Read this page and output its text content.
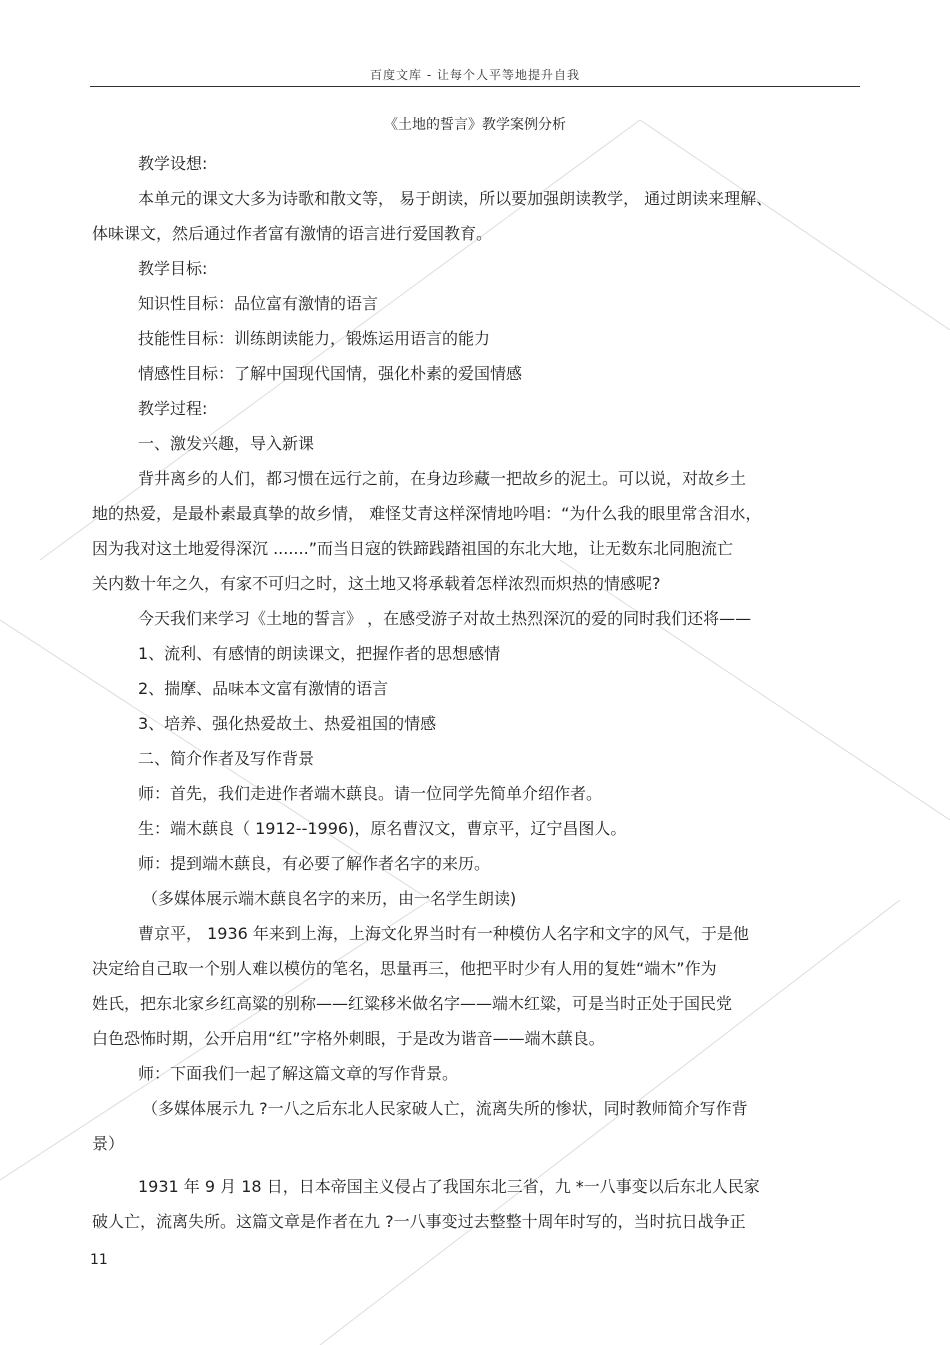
百度文库 - 让每个人平等地提升自我
《土地的誓言》教学案例分析
教学设想:
本单元的课文大多为诗歌和散文等， 易于朗读，所以要加强朗读教学， 通过朗读来理解、
体味课文，然后通过作者富有激情的语言进行爱国教育。
教学目标:
知识性目标：品位富有激情的语言
技能性目标：训练朗读能力，锻炼运用语言的能力
情感性目标：了解中国现代国情，强化朴素的爱国情感
教学过程:
一、激发兴趣，导入新课
背井离乡的人们，都习惯在远行之前，在身边珍藏一把故乡的泥土。可以说，对故乡土
地的热爱，是最朴素最真挚的故乡情， 难怪艾青这样深情地吟唱：“为什么我的眼里常含泪水，
因为我对这土地爱得深沉 .......”而当日寇的铁蹄践踏祖国的东北大地，让无数东北同胞流亡
关内数十年之久，有家不可归之时，这土地又将承载着怎样浓烈而炽热的情感呢?
今天我们来学习《土地的誓言》 ，在感受游子对故土热烈深沉的爱的同时我们还将——
1、流利、有感情的朗读课文，把握作者的思想感情
2、揣摩、品味本文富有激情的语言
3、培养、强化热爱故土、热爱祖国的情感
二、简介作者及写作背景
师：首先，我们走进作者端木蕻良。请一位同学先简单介绍作者。
生：端木蕻良（ 1912--1996)，原名曹汉文，曹京平，辽宁昌图人。
师：提到端木蕻良，有必要了解作者名字的来历。
（多媒体展示端木蕻良名字的来历，由一名学生朗读)
曹京平， 1936 年来到上海，上海文化界当时有一种模仿人名字和文字的风气，于是他
决定给自己取一个别人难以模仿的笔名，思量再三，他把平时少有人用的复姓“端木”作为
姓氏，把东北家乡红高粱的别称——红粱移米做名字——端木红粱，可是当时正处于国民党
白色恐怖时期，公开启用“红”字格外刺眼，于是改为谐音——端木蕻良。
师：下面我们一起了解这篇文章的写作背景。
（多媒体展示九 ?一八之后东北人民家破人亡，流离失所的惨状，同时教师简介写作背
景）
1931 年 9 月 18 日，日本帝国主义侵占了我国东北三省，九 *一八事变以后东北人民家
破人亡，流离失所。这篇文章是作者在九 ?一八事变过去整整十周年时写的，当时抗日战争正
11
